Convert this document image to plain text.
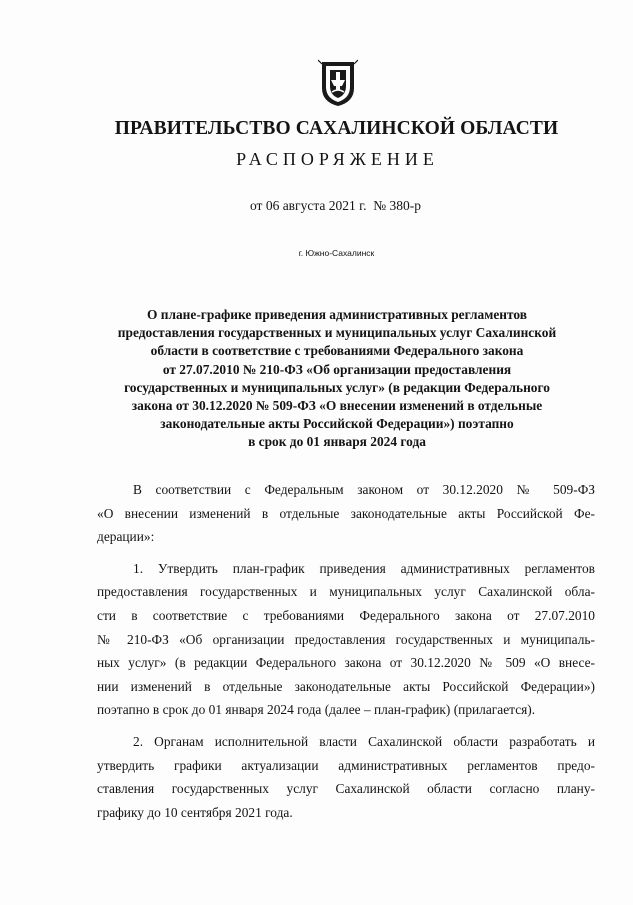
ПРАВИТЕЛЬСТВО САХАЛИНСКОЙ ОБЛАСТИ
РАСПОРЯЖЕНИЕ
от 06 августа 2021 г. № 380-р
г. Южно-Сахалинск
О плане-графике приведения административных регламентов
предоставления государственных и муниципальных услуг Сахалинской
области в соответствие с требованиями Федерального закона
от 27.07.2010 № 210-ФЗ «Об организации предоставления
государственных и муниципальных услуг» (в редакции Федерального
закона от 30.12.2020 № 509-ФЗ «О внесении изменений в отдельные
законодательные акты Российской Федерации») поэтапно
в срок до 01 января 2024 года
В соответствии с Федеральным законом от 30.12.2020 № 509-ФЗ
«О внесении изменений в отдельные законодательные акты Российской Фе-
дерации»:
1. Утвердить план-график приведения административных регламентов
предоставления государственных и муниципальных услуг Сахалинской обла-
сти в соответствие с требованиями Федерального закона от 27.07.2010
№ 210-ФЗ «Об организации предоставления государственных и муниципаль-
ных услуг» (в редакции Федерального закона от 30.12.2020 № 509 «О внесе-
нии изменений в отдельные законодательные акты Российской Федерации»)
поэтапно в срок до 01 января 2024 года (далее – план-график) (прилагается).
2. Органам исполнительной власти Сахалинской области разработать и
утвердить графики актуализации административных регламентов предо-
ставления государственных услуг Сахалинской области согласно плану-
графику до 10 сентября 2021 года.
